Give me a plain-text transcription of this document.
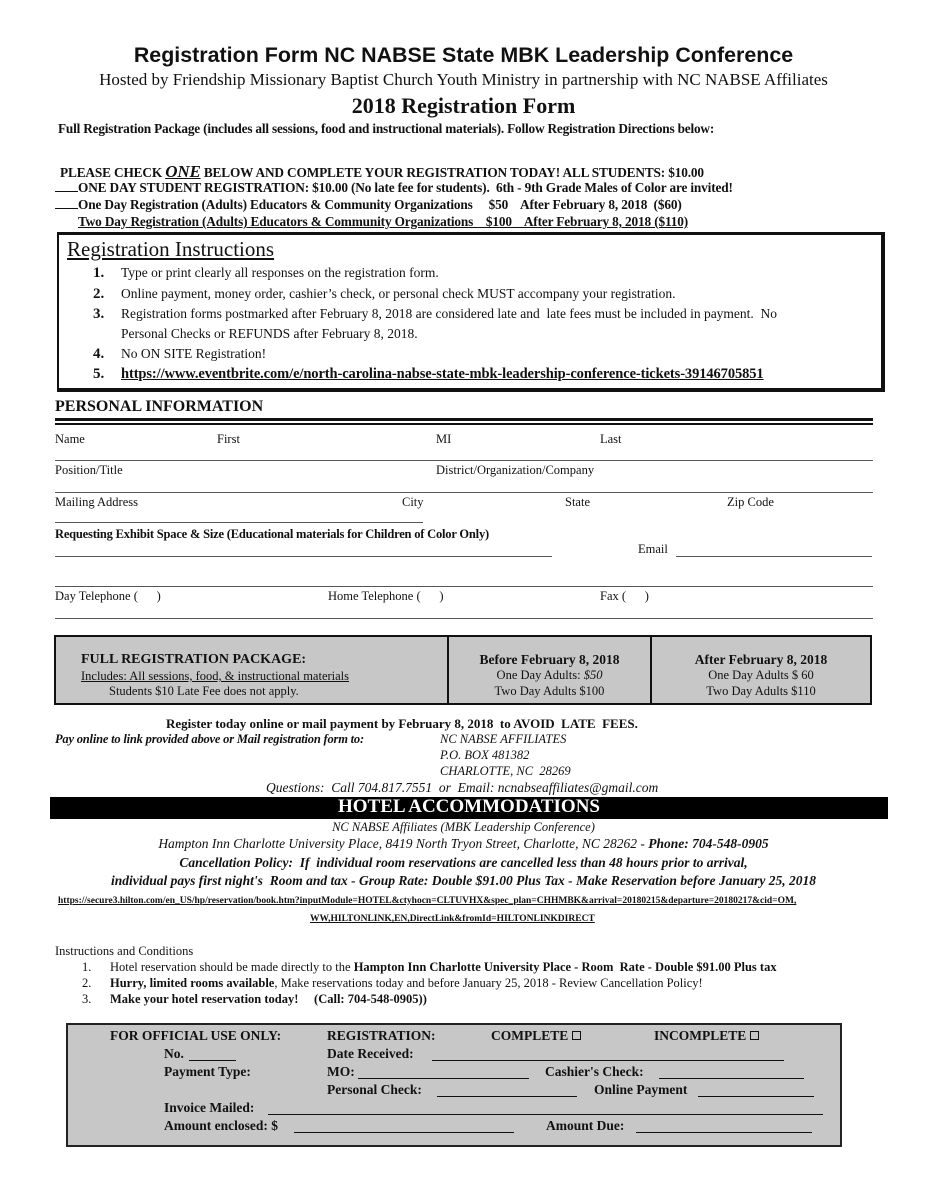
Registration Form NC NABSE State MBK Leadership Conference
Hosted by Friendship Missionary Baptist Church Youth Ministry in partnership with NC NABSE Affiliates
2018 Registration Form
Full Registration Package (includes all sessions, food and instructional materials). Follow Registration Directions below:
PLEASE CHECK ONE BELOW AND COMPLETE YOUR REGISTRATION TODAY! ALL STUDENTS: $10.00
ONE DAY STUDENT REGISTRATION: $10.00 (No late fee for students).  6th - 9th Grade Males of Color are invited!
One Day Registration (Adults) Educators & Community Organizations     $50    After February 8, 2018  ($60)
Two Day Registration (Adults) Educators & Community Organizations    $100    After February 8, 2018 ($110)
Registration Instructions
1. Type or print clearly all responses on the registration form.
2. Online payment, money order, cashier’s check, or personal check MUST accompany your registration.
3. Registration forms postmarked after February 8, 2018 are considered late and  late fees must be included in payment.  No
Personal Checks or REFUNDS after February 8, 2018.
4. No ON SITE Registration!
5. https://www.eventbrite.com/e/north-carolina-nabse-state-mbk-leadership-conference-tickets-39146705851
PERSONAL INFORMATION
Name	First	MI	Last
Position/Title	District/Organization/Company
Mailing Address	City	State	Zip Code
Requesting Exhibit Space & Size (Educational materials for Children of Color Only)
Email
Day Telephone (      )	Home Telephone (      )	Fax (      )
FULL REGISTRATION PACKAGE:
Includes: All sessions, food, & instructional materials
Students $10 Late Fee does not apply.
Before February 8, 2018
One Day Adults: $50
Two Day Adults $100
After February 8, 2018
One Day Adults $ 60
Two Day Adults $110
Register today online or mail payment by February 8, 2018  to AVOID  LATE  FEES.
Pay online to link provided above or Mail registration form to:	NC NABSE AFFILIATES
P.O. BOX 481382
CHARLOTTE, NC  28269
Questions:  Call 704.817.7551  or  Email: ncnabseaffiliates@gmail.com
HOTEL ACCOMMODATIONS
NC NABSE Affiliates (MBK Leadership Conference)
Hampton Inn Charlotte University Place, 8419 North Tryon Street, Charlotte, NC 28262 - Phone: 704-548-0905
Cancellation Policy:  If  individual room reservations are cancelled less than 48 hours prior to arrival,
individual pays first night's  Room and tax - Group Rate: Double $91.00 Plus Tax - Make Reservation before January 25, 2018
https://secure3.hilton.com/en_US/hp/reservation/book.htm?inputModule=HOTEL&ctyhocn=CLTUVHX&spec_plan=CHHMBK&arrival=20180215&departure=20180217&cid=OM,
WW,HILTONLINK,EN,DirectLink&fromId=HILTONLINKDIRECT
Instructions and Conditions
1. Hotel reservation should be made directly to the Hampton Inn Charlotte University Place - Room  Rate - Double $91.00 Plus tax
2. Hurry, limited rooms available, Make reservations today and before January 25, 2018 - Review Cancellation Policy!
3. Make your hotel reservation today!     (Call: 704-548-0905))
FOR OFFICIAL USE ONLY:	REGISTRATION:	COMPLETE	INCOMPLETE
No.	Date Received:
Payment Type:	MO:	Cashier's Check:
Personal Check:	Online Payment
Invoice Mailed:
Amount enclosed: $	Amount Due:
